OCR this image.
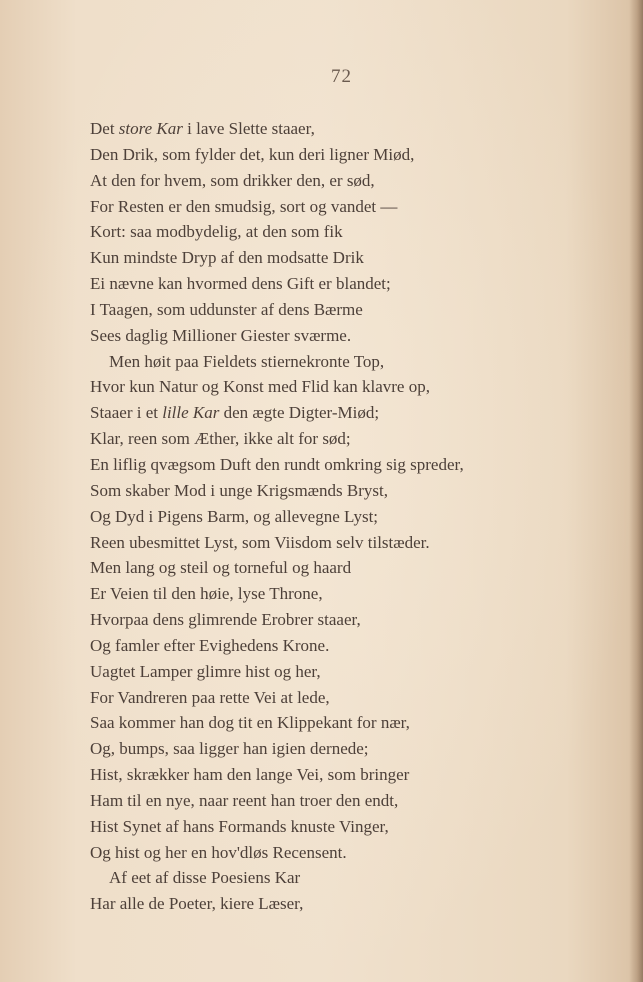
72
Det store Kar i lave Slette staaer,
Den Drik, som fylder det, kun deri ligner Miød,
At den for hvem, som drikker den, er sød,
For Resten er den smudsig, sort og vandet —
Kort: saa modbydelig, at den som fik
Kun mindste Dryp af den modsatte Drik
Ei nævne kan hvormed dens Gift er blandet;
I Taagen, som uddunster af dens Bærme
Sees daglig Millioner Giester sværme.
Men høit paa Fieldets stiernekronte Top,
Hvor kun Natur og Konst med Flid kan klavre op,
Staaer i et lille Kar den ægte Digter-Miød;
Klar, reen som Æther, ikke alt for sød;
En liflig qvægsom Duft den rundt omkring sig spreder,
Som skaber Mod i unge Krigsmænds Bryst,
Og Dyd i Pigens Barm, og allevegne Lyst;
Reen ubesmittet Lyst, som Viisdom selv tilstæder.
Men lang og steil og torneful og haard
Er Veien til den høie, lyse Throne,
Hvorpaa dens glimrende Erobrer staaer,
Og famler efter Evighedens Krone.
Uagtet Lamper glimre hist og her,
For Vandreren paa rette Vei at lede,
Saa kommer han dog tit en Klippekant for nær,
Og, bumps, saa ligger han igien dernede;
Hist, skrækker ham den lange Vei, som bringer
Ham til en nye, naar reent han troer den endt,
Hist Synet af hans Formands knuste Vinger,
Og hist og her en hov'dløs Recensent.
Af eet af disse Poesiens Kar
Har alle de Poeter, kiere Læser,
